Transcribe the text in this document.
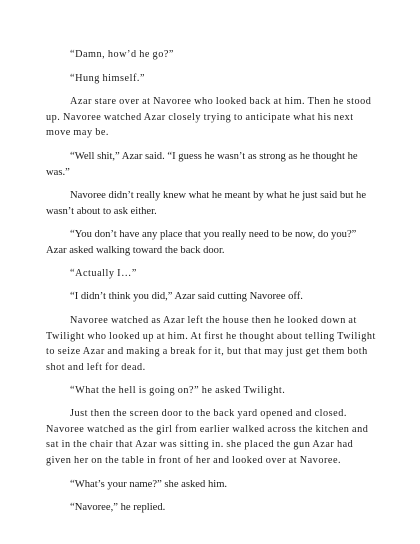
“Damn, how’d he go?”

“Hung himself.”

Azar stare over at Navoree who looked back at him. Then he stood up. Navoree watched Azar closely trying to anticipate what his next move may be.

“Well shit,” Azar said. “I guess he wasn’t as strong as he thought he was.”

Navoree didn’t really knew what he meant by what he just said but he wasn’t about to ask either.

“You don’t have any place that you really need to be now, do you?” Azar asked walking toward the back door.

“Actually I…”

“I didn’t think you did,” Azar said cutting Navoree off.

Navoree watched as Azar left the house then he looked down at Twilight who looked up at him. At first he thought about telling Twilight to seize Azar and making a break for it, but that may just get them both shot and left for dead.

“What the hell is going on?” he asked Twilight.

Just then the screen door to the back yard opened and closed. Navoree watched as the girl from earlier walked across the kitchen and sat in the chair that Azar was sitting in. she placed the gun Azar had given her on the table in front of her and looked over at Navoree.

“What’s your name?” she asked him.

“Navoree,” he replied.
